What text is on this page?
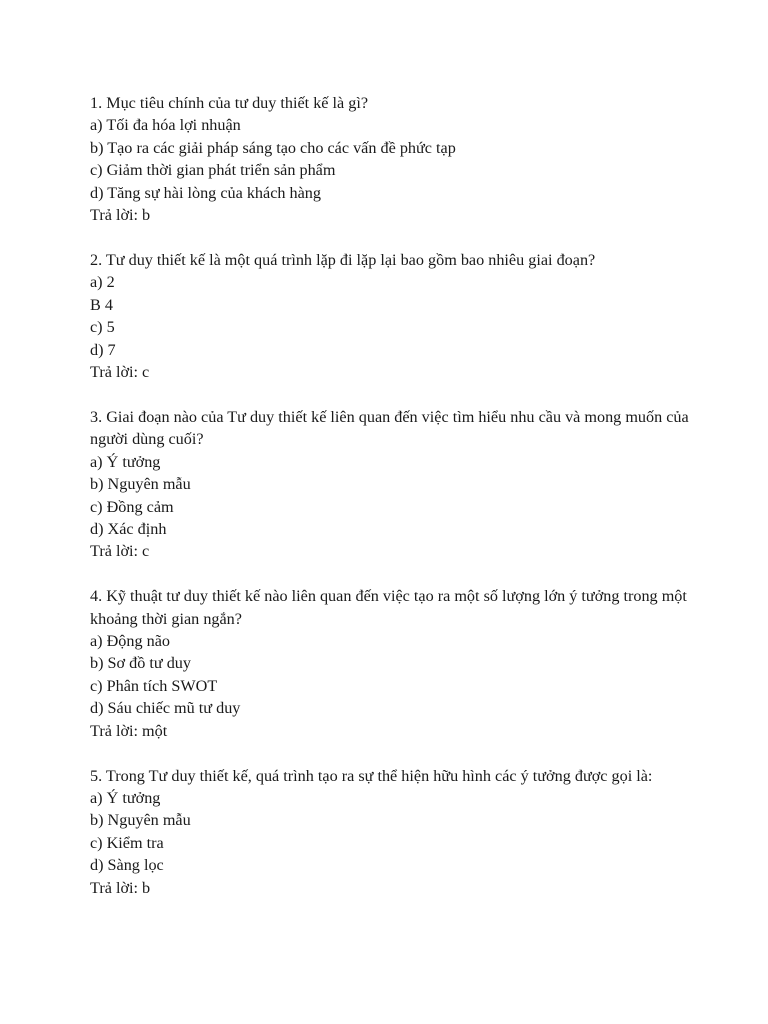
1. Mục tiêu chính của tư duy thiết kế là gì?

a) Tối đa hóa lợi nhuận

b) Tạo ra các giải pháp sáng tạo cho các vấn đề phức tạp

c) Giảm thời gian phát triển sản phẩm

d) Tăng sự hài lòng của khách hàng

Trả lời: b

2. Tư duy thiết kế là một quá trình lặp đi lặp lại bao gồm bao nhiêu giai đoạn?

a) 2

B 4

c) 5

d) 7

Trả lời: c

3. Giai đoạn nào của Tư duy thiết kế liên quan đến việc tìm hiểu nhu cầu và mong muốn của người dùng cuối?

a) Ý tưởng

b) Nguyên mẫu

c) Đồng cảm

d) Xác định

Trả lời: c

4. Kỹ thuật tư duy thiết kế nào liên quan đến việc tạo ra một số lượng lớn ý tưởng trong một khoảng thời gian ngắn?

a) Động não

b) Sơ đồ tư duy

c) Phân tích SWOT

d) Sáu chiếc mũ tư duy

Trả lời: một

5. Trong Tư duy thiết kế, quá trình tạo ra sự thể hiện hữu hình các ý tưởng được gọi là:

a) Ý tưởng

b) Nguyên mẫu

c) Kiểm tra

d) Sàng lọc

Trả lời: b
